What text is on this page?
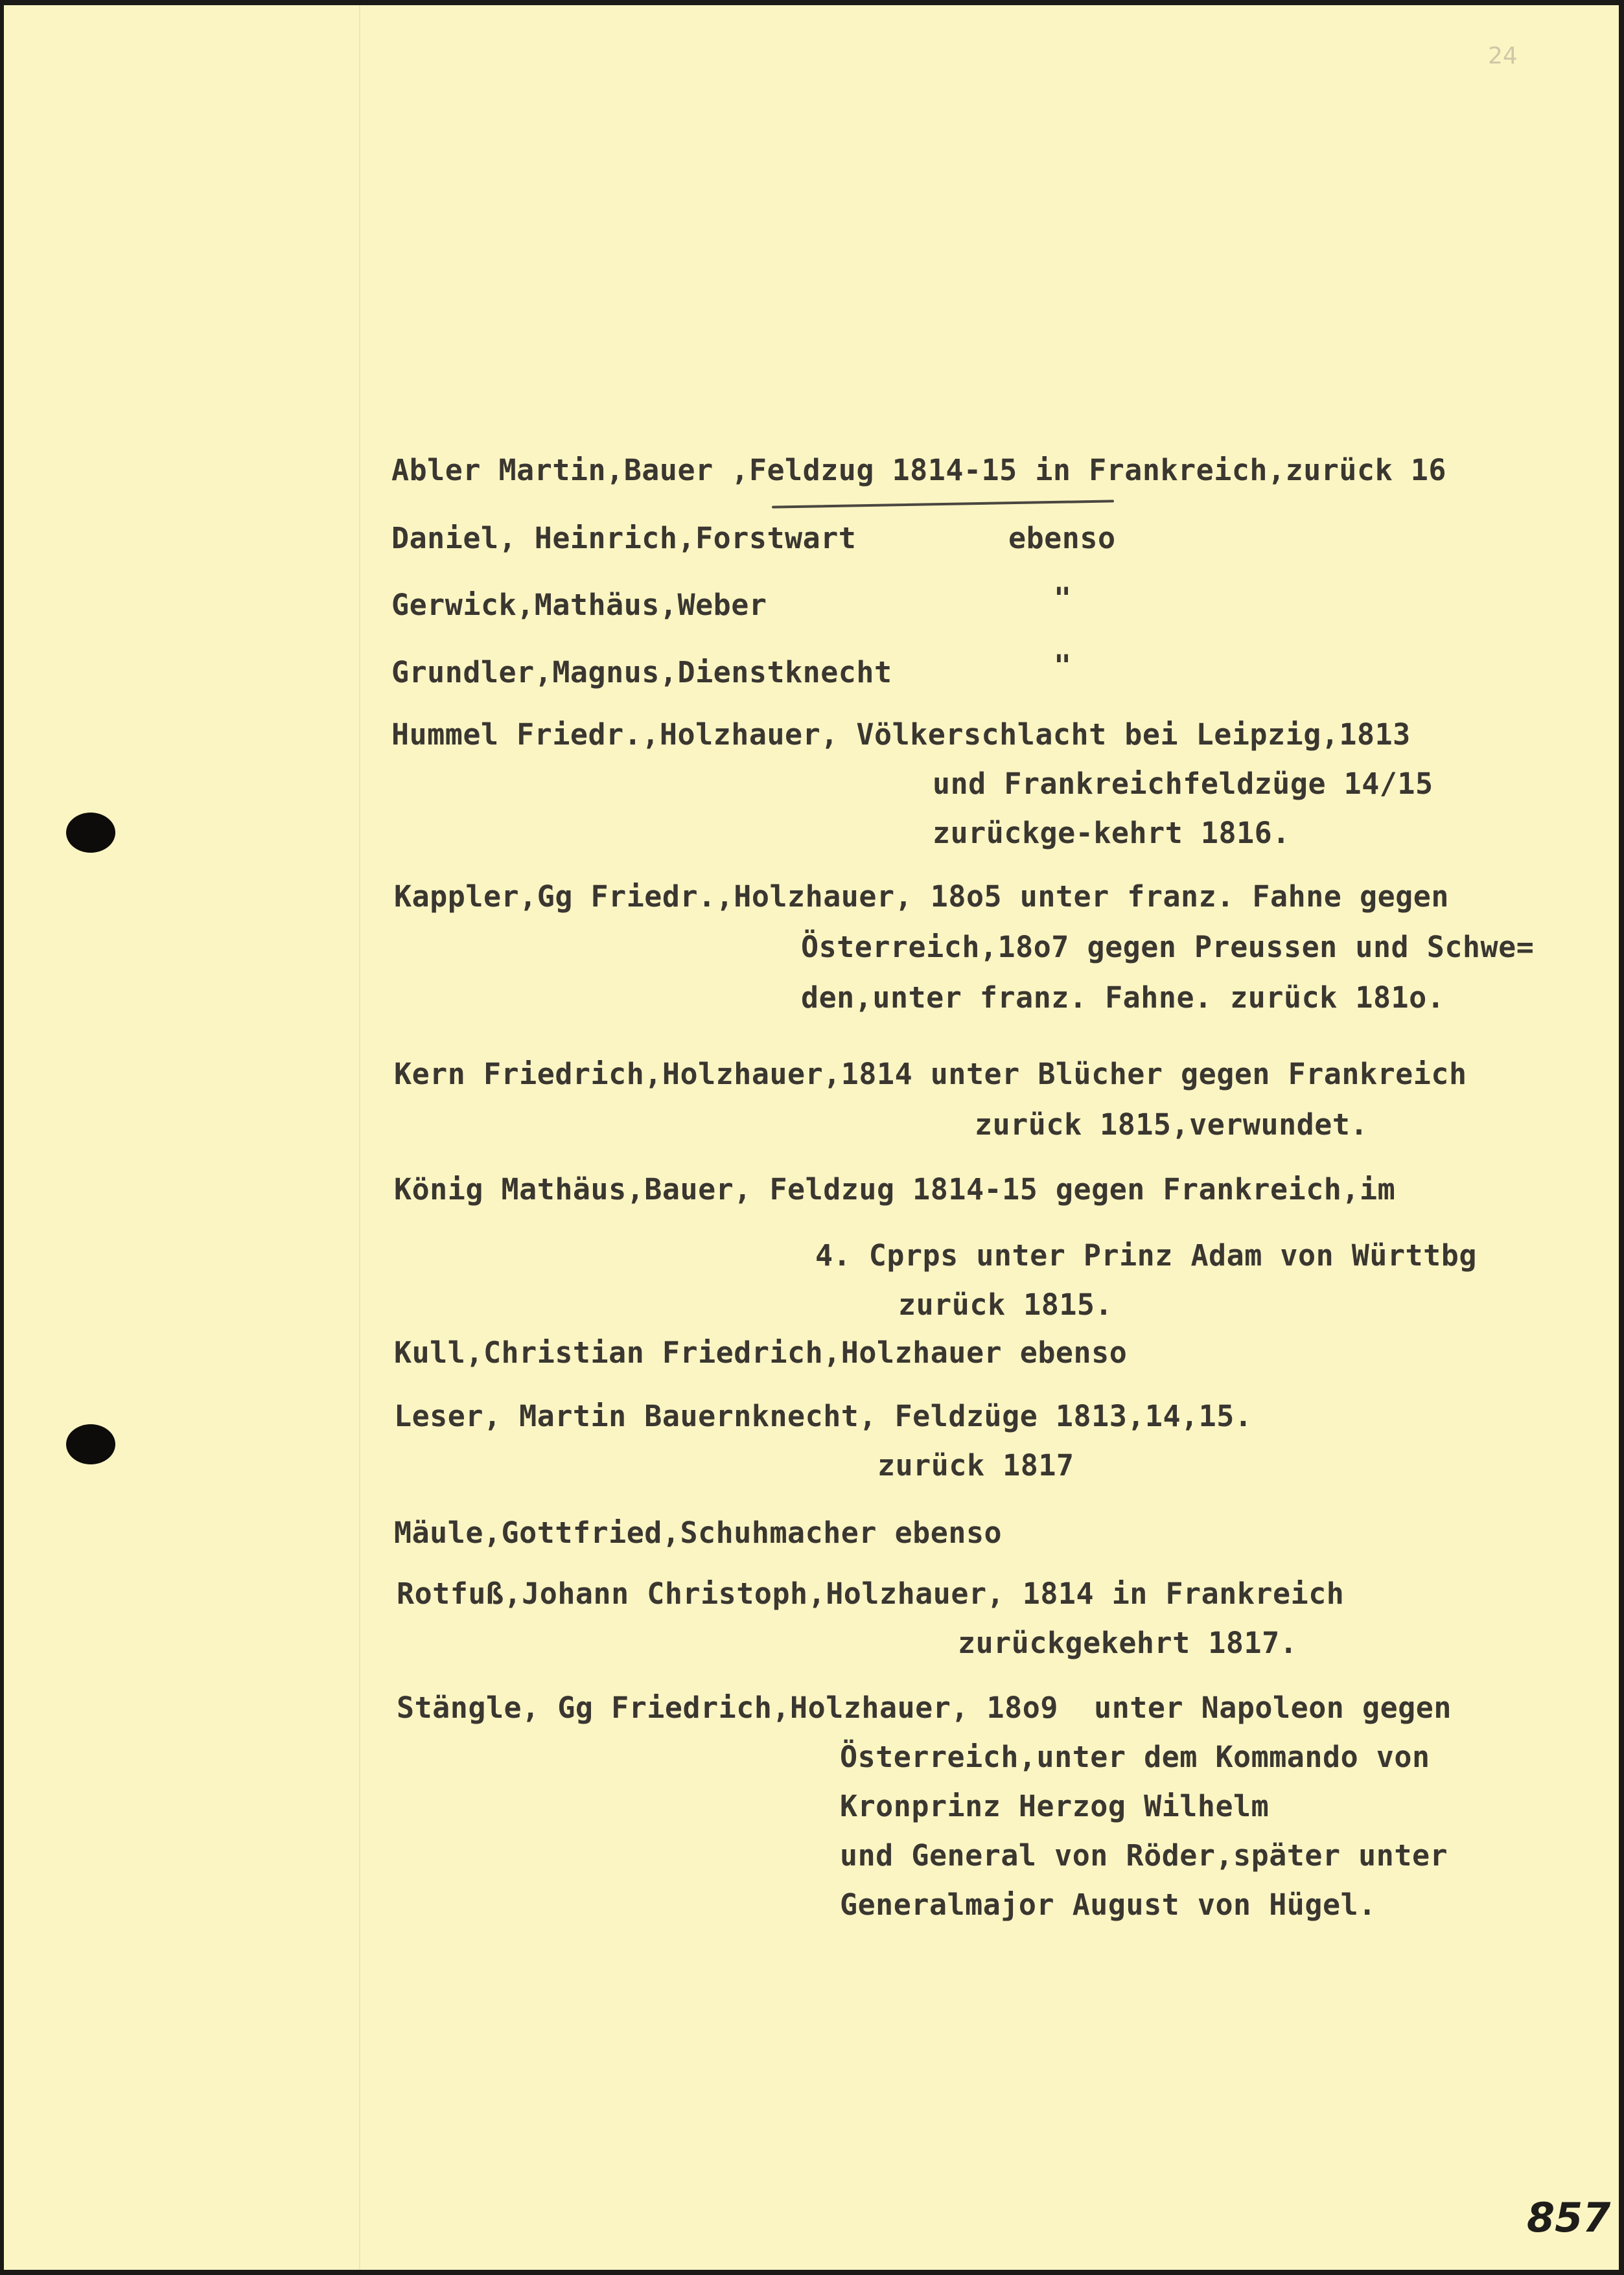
24

Abler Martin,Bauer ,Feldzug 1814-15 in Frankreich,zurück 16

Daniel, Heinrich,Forstwart	ebenso

Gerwick,Mathäus,Weber	"

Grundler,Magnus,Dienstknecht	"

Hummel Friedr.,Holzhauer, Völkerschlacht bei Leipzig,1813

und Frankreichfeldzüge 14/15

zurückge-kehrt 1816.

Kappler,Gg Friedr.,Holzhauer, 18o5 unter franz. Fahne gegen

Österreich,18o7 gegen Preussen und Schwe=

den,unter franz. Fahne. zurück 181o.

Kern Friedrich,Holzhauer,1814 unter Blücher gegen Frankreich

zurück 1815,verwundet.

König Mathäus,Bauer, Feldzug 1814-15 gegen Frankreich,im

4. Cprps unter Prinz Adam von Württbg

zurück 1815.

Kull,Christian Friedrich,Holzhauer ebenso

Leser, Martin Bauernknecht, Feldzüge 1813,14,15.

zurück 1817

Mäule,Gottfried,Schuhmacher ebenso

Rotfuß,Johann Christoph,Holzhauer, 1814 in Frankreich

zurückgekehrt 1817.

Stängle, Gg Friedrich,Holzhauer, 18o9  unter Napoleon gegen

Österreich,unter dem Kommando von

Kronprinz Herzog Wilhelm

und General von Röder,später unter

Generalmajor August von Hügel.

857
